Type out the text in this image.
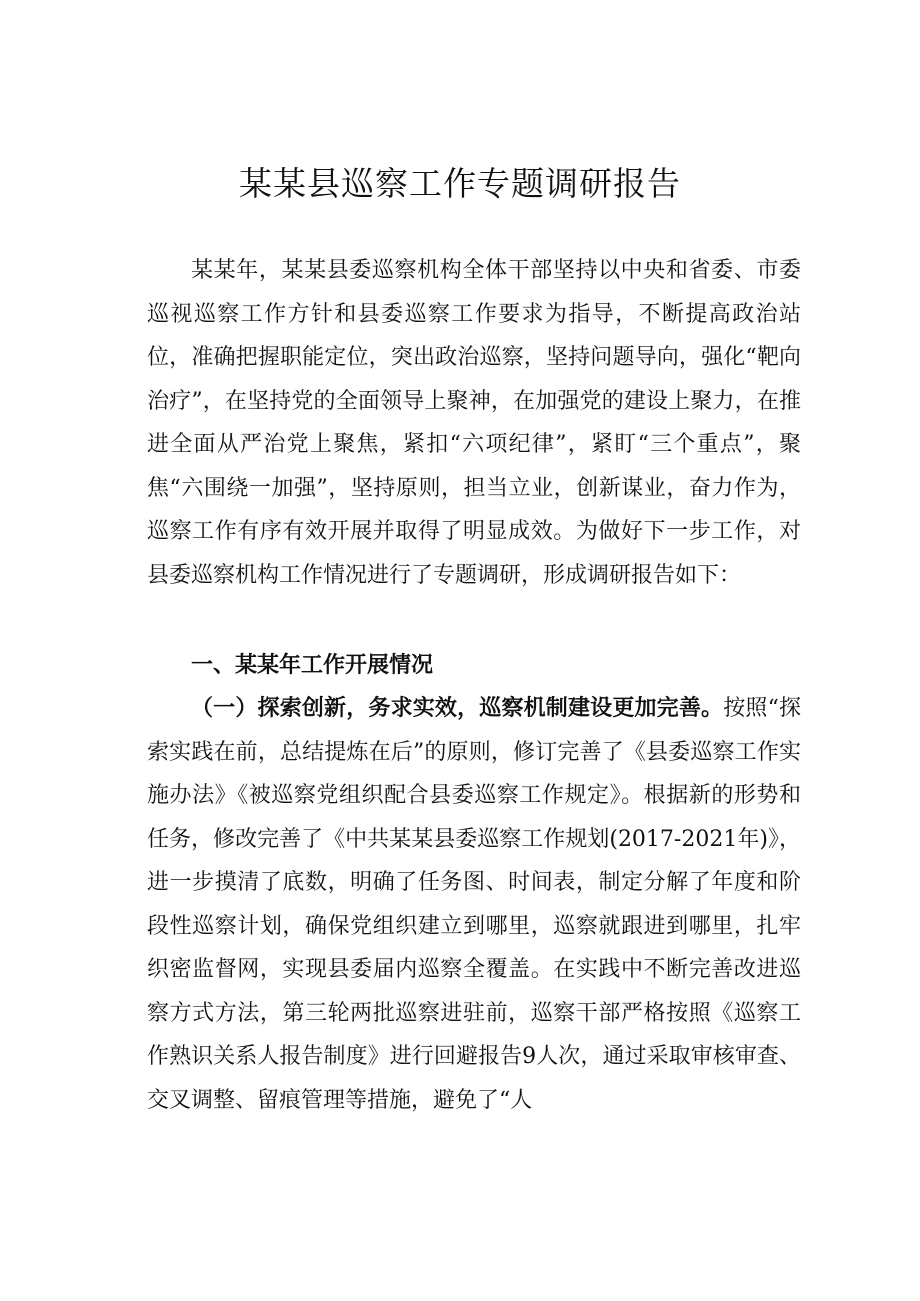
某某县巡察工作专题调研报告

某某年，某某县委巡察机构全体干部坚持以中央和省委、市委巡视巡察工作方针和县委巡察工作要求为指导，不断提高政治站位，准确把握职能定位，突出政治巡察，坚持问题导向，强化“靶向治疗”，在坚持党的全面领导上聚神，在加强党的建设上聚力，在推进全面从严治党上聚焦，紧扣“六项纪律”，紧盯“三个重点”，聚焦“六围绕一加强”，坚持原则，担当立业，创新谋业，奋力作为，巡察工作有序有效开展并取得了明显成效。为做好下一步工作，对县委巡察机构工作情况进行了专题调研，形成调研报告如下：

一、某某年工作开展情况

（一）探索创新，务求实效，巡察机制建设更加完善。按照“探索实践在前，总结提炼在后”的原则，修订完善了《县委巡察工作实施办法》《被巡察党组织配合县委巡察工作规定》。根据新的形势和任务，修改完善了《中共某某县委巡察工作规划(2017-2021年)》，进一步摸清了底数，明确了任务图、时间表，制定分解了年度和阶段性巡察计划，确保党组织建立到哪里，巡察就跟进到哪里，扎牢织密监督网，实现县委届内巡察全覆盖。在实践中不断完善改进巡察方式方法，第三轮两批巡察进驻前，巡察干部严格按照《巡察工作熟识关系人报告制度》进行回避报告9人次，通过采取审核审查、交叉调整、留痕管理等措施，避免了“人
